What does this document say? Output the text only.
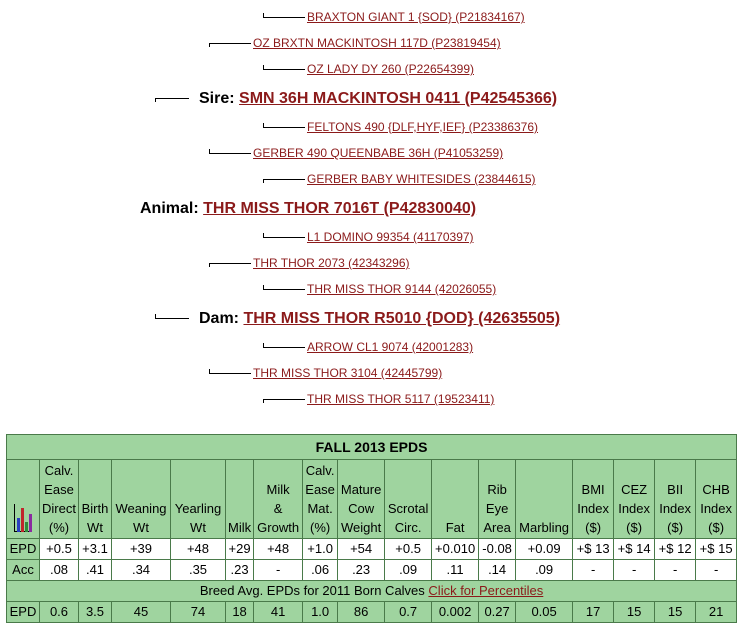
BRAXTON GIANT 1 {SOD} (P21834167)
OZ BRXTN MACKINTOSH 117D (P23819454)
OZ LADY DY 260 (P22654399)
Sire: SMN 36H MACKINTOSH 0411 (P42545366)
FELTONS 490 {DLF,HYF,IEF} (P23386376)
GERBER 490 QUEENBABE 36H (P41053259)
GERBER BABY WHITESIDES (23844615)
Animal: THR MISS THOR 7016T (P42830040)
L1 DOMINO 99354 (41170397)
THR THOR 2073 (42343296)
THR MISS THOR 9144 (42026055)
Dam: THR MISS THOR R5010 {DOD} (42635505)
ARROW CL1 9074 (42001283)
THR MISS THOR 3104 (42445799)
THR MISS THOR 5117 (19523411)
FALL 2013 EPDS																

	Calv.
Ease
Direct
(%)	Birth
Wt	Weaning
Wt	Yearling
Wt	Milk	Milk
&
Growth	Calv.
Ease
Mat.
(%)	Mature
Cow
Weight	Scrotal
Circ.	Fat	Rib
Eye
Area	Marbling	BMI
Index
($)	CEZ
Index
($)	BII
Index
($)	CHB
Index
($)
EPD	+0.5	+3.1	+39	+48	+29	+48	+1.0	+54	+0.5	+0.010	-0.08	+0.09	+$ 13	+$ 14	+$ 12	+$ 15
Acc	.08	.41	.34	.35	.23	-	.06	.23	.09	.11	.14	.09	-	-	-	-
Breed Avg. EPDs for 2011 Born Calves Click for Percentiles																
EPD	0.6	3.5	45	74	18	41	1.0	86	0.7	0.002	0.27	0.05	17	15	15	21
